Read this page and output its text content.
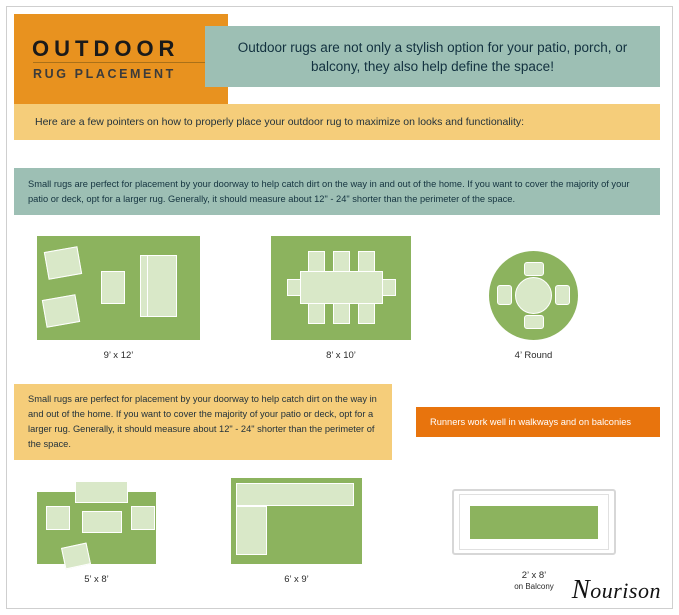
OUTDOOR
RUG PLACEMENT

Outdoor rugs are not only a stylish option for your patio, porch, or balcony, they also help define the space!

Here are a few pointers on how to properly place your outdoor rug to maximize on looks and functionality:

Small rugs are perfect for placement by your doorway to help catch dirt on the way in and out of the home. If you want to cover the majority of your patio or deck, opt for a larger rug. Generally, it should measure about 12" - 24" shorter than the perimeter of the space.

9’ x 12’	8’ x 10’	4’ Round

Small rugs are perfect for placement by your doorway to help catch dirt on the way in and out of the home. If you want to cover the majority of your patio or deck, opt for a larger rug. Generally, it should measure about 12" - 24" shorter than the perimeter of the space.

Runners work well in walkways and on balconies
5’ x 8’	6’ x 9’	2’ x 8’
on Balcony Nourison
